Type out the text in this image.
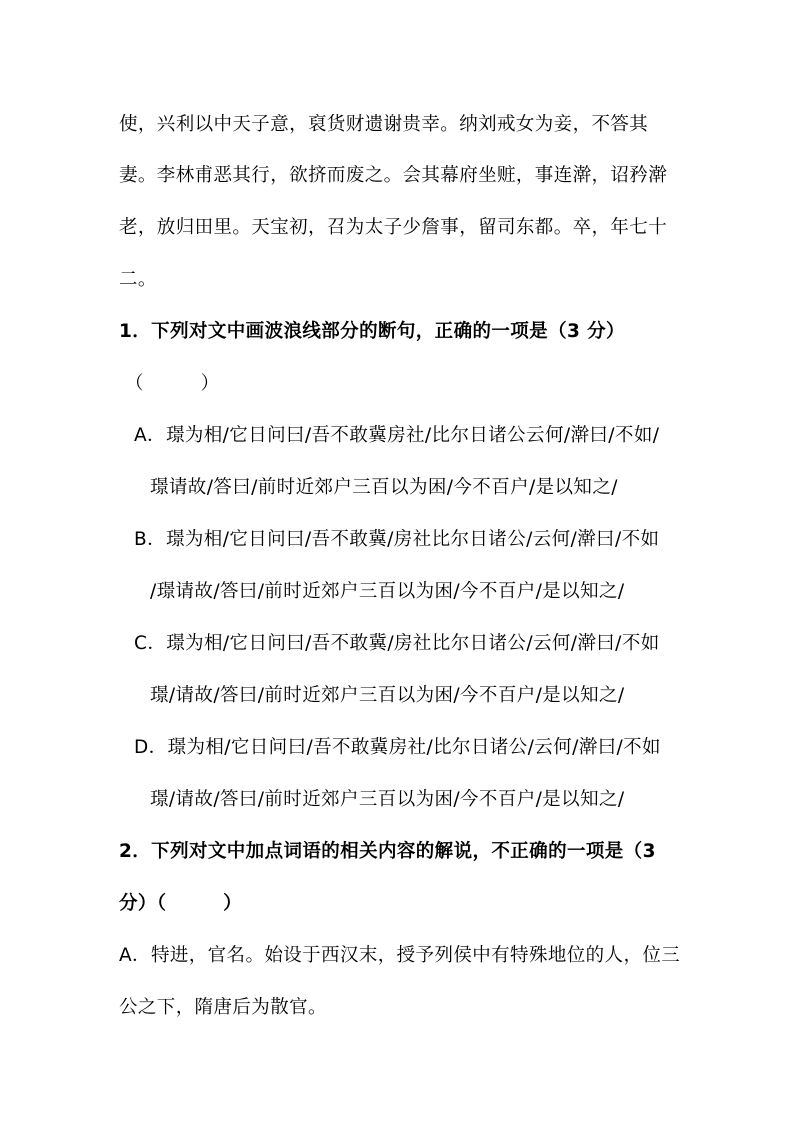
使，兴利以中天子意，裒货财遗谢贵幸。纳刘戒女为妾，不答其
妻。李林甫恶其行，欲挤而废之。会其幕府坐赃，事连澣，诏矜澣
老，放归田里。天宝初，召为太子少詹事，留司东都。卒，年七十
二。
1．下列对文中画波浪线部分的断句，正确的一项是（3 分）
（　　　）
A．璟为相/它日问曰/吾不敢冀房社/比尔日诸公云何/澣曰/不如/
璟请故/答曰/前时近郊户三百以为困/今不百户/是以知之/
B．璟为相/它日问曰/吾不敢冀/房社比尔日诸公/云何/澣曰/不如
/璟请故/答曰/前时近郊户三百以为困/今不百户/是以知之/
C．璟为相/它日问曰/吾不敢冀/房社比尔日诸公/云何/澣曰/不如
璟/请故/答曰/前时近郊户三百以为困/今不百户/是以知之/
D．璟为相/它日问曰/吾不敢冀房社/比尔日诸公/云何/澣曰/不如
璟/请故/答曰/前时近郊户三百以为困/今不百户/是以知之/
2．下列对文中加点词语的相关内容的解说，不正确的一项是（3
分）（　　　）
A．特进，官名。始设于西汉末，授予列侯中有特殊地位的人，位三
公之下，隋唐后为散官。
